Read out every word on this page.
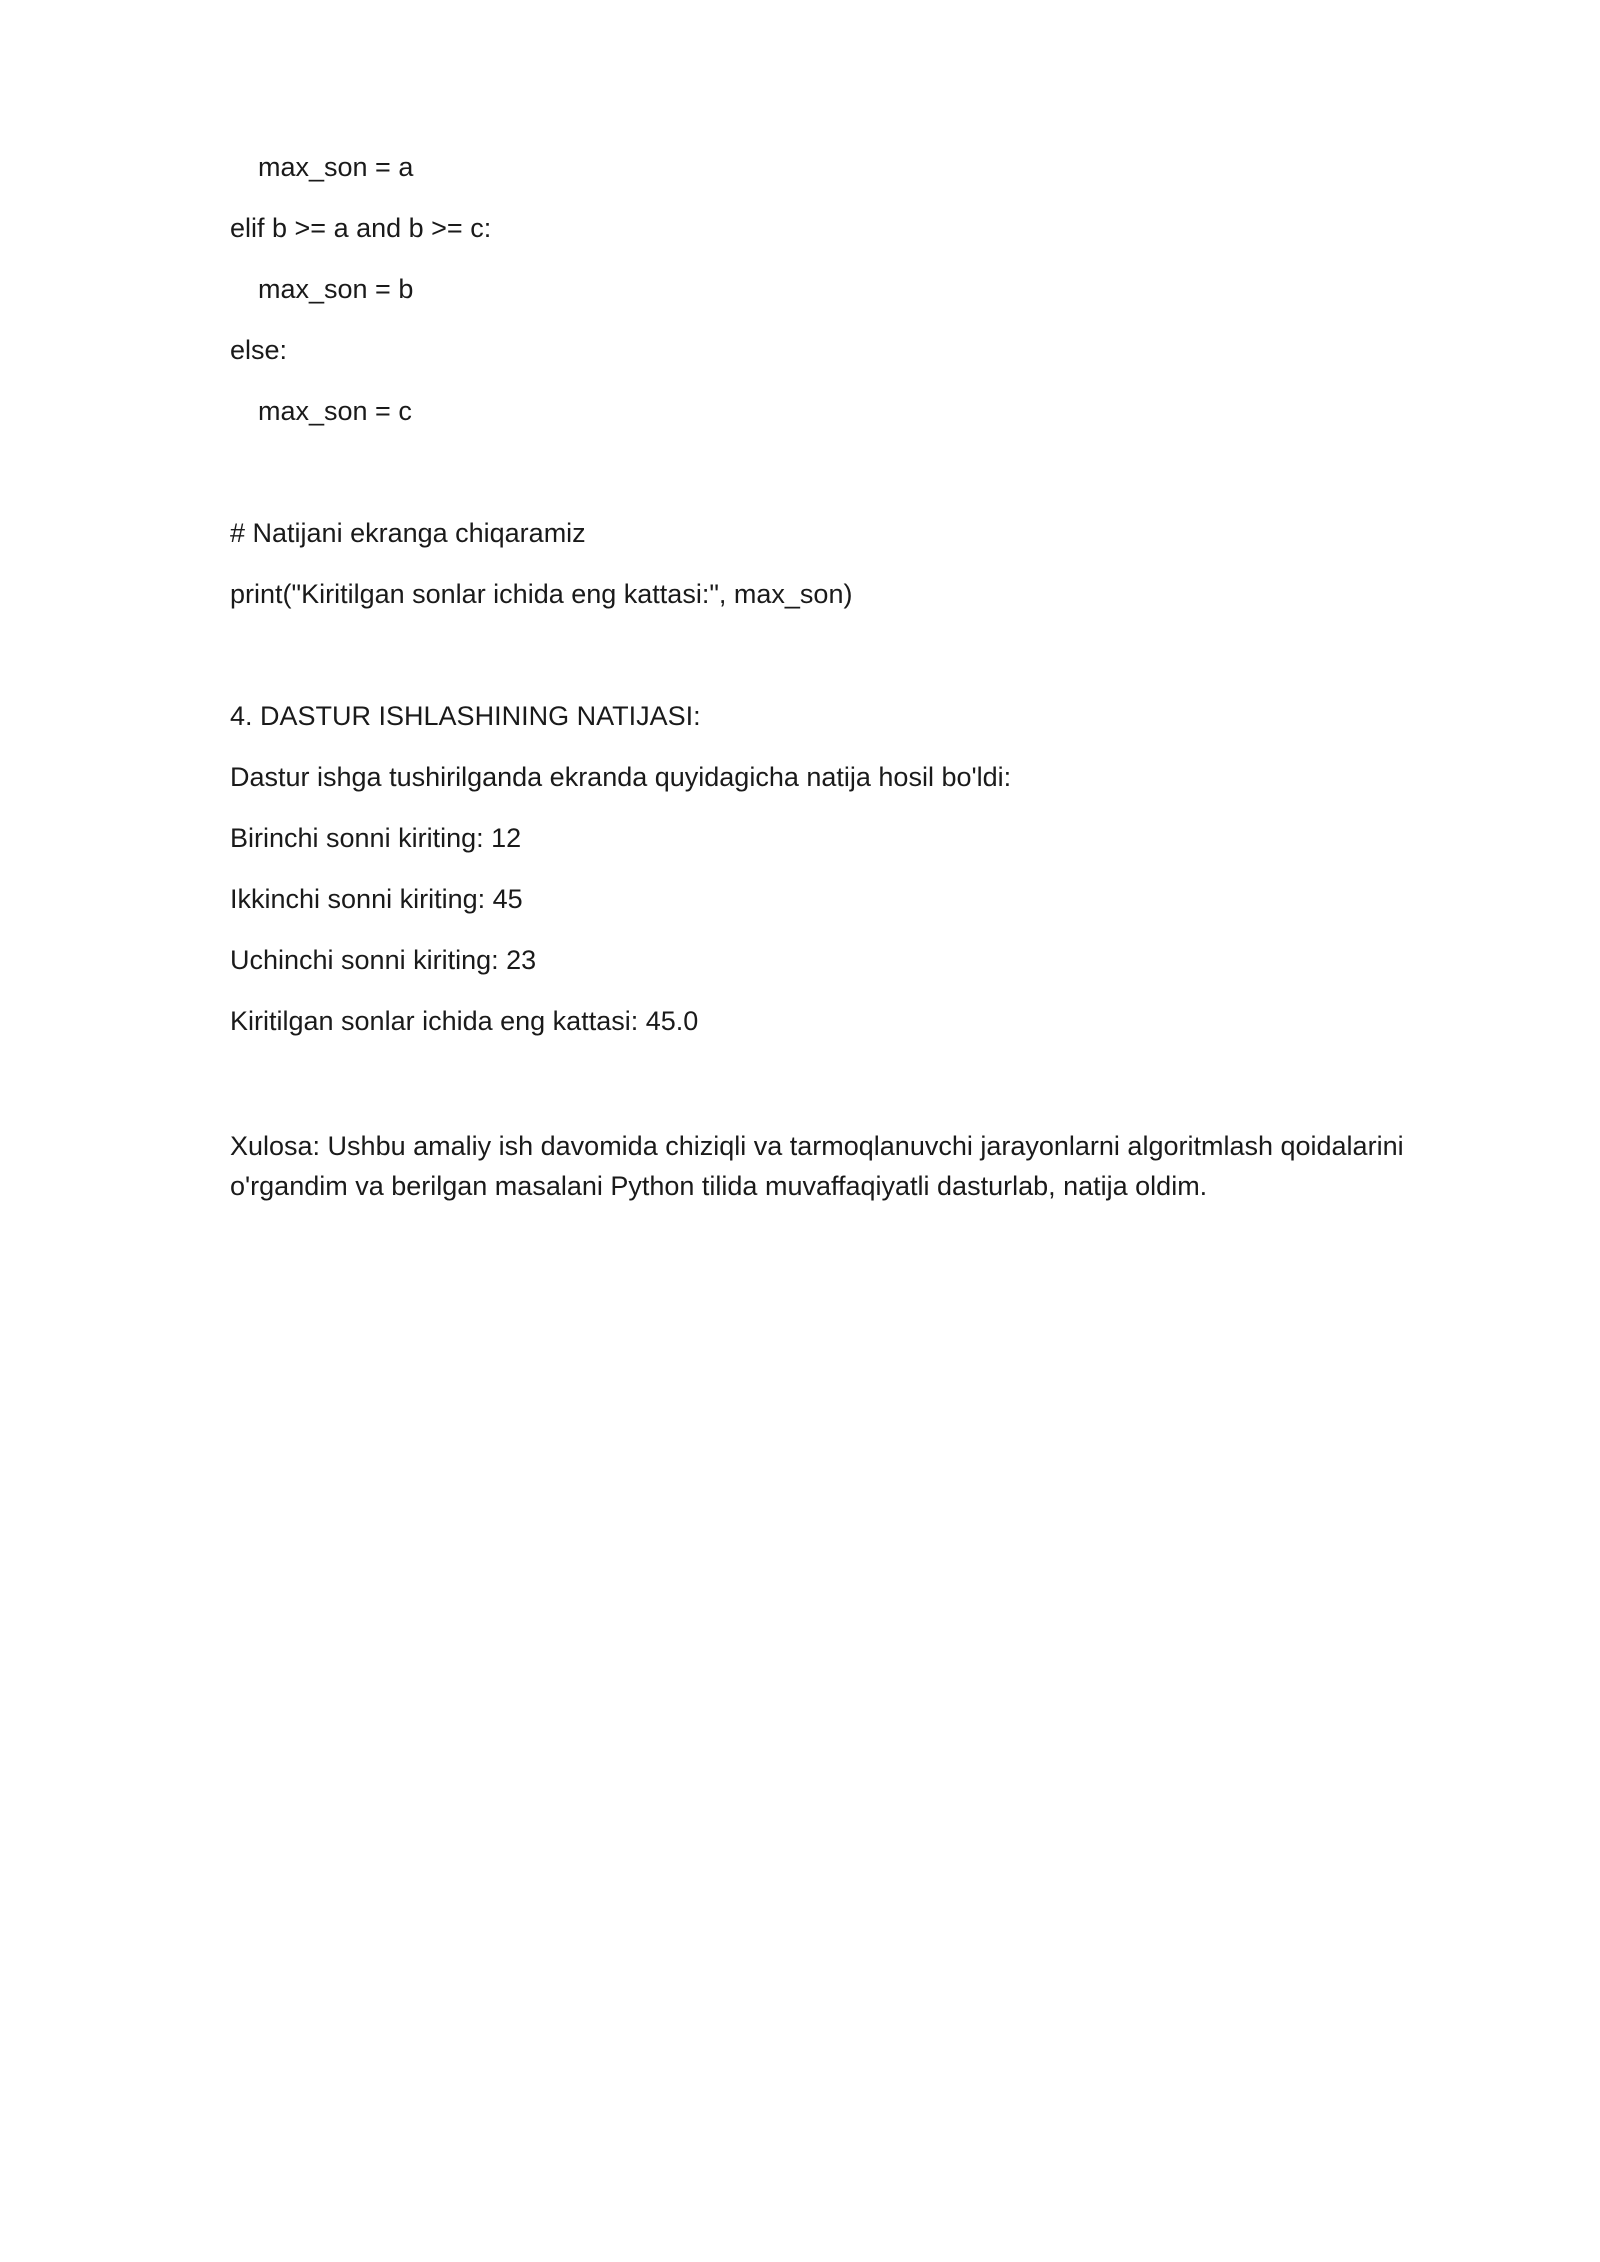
max_son = a
elif b >= a and b >= c:
max_son = b
else:
max_son = c
# Natijani ekranga chiqaramiz
print("Kiritilgan sonlar ichida eng kattasi:", max_son)
4. DASTUR ISHLASHINING NATIJASI:
Dastur ishga tushirilganda ekranda quyidagicha natija hosil bo'ldi:
Birinchi sonni kiriting: 12
Ikkinchi sonni kiriting: 45
Uchinchi sonni kiriting: 23
Kiritilgan sonlar ichida eng kattasi: 45.0

Xulosa: Ushbu amaliy ish davomida chiziqli va tarmoqlanuvchi jarayonlarni algoritmlash qoidalarini o'rgandim va berilgan masalani Python tilida muvaffaqiyatli dasturlab, natija oldim.
